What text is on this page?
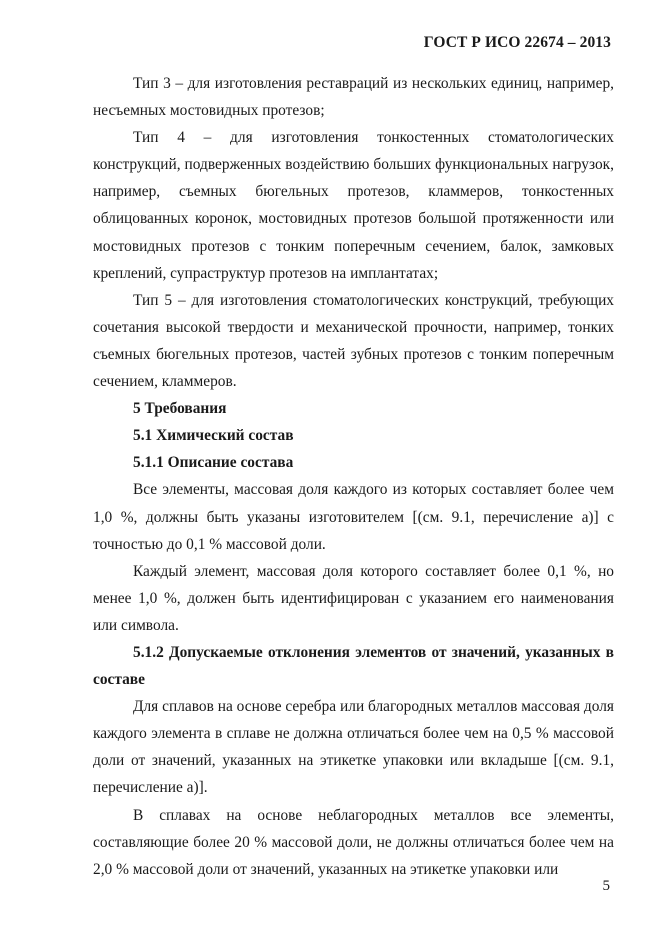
ГОСТ Р ИСО 22674 – 2013

Тип 3 – для изготовления реставраций из нескольких единиц, например, несъемных мостовидных протезов;

Тип 4 – для изготовления тонкостенных стоматологических конструкций, подверженных воздействию больших функциональных нагрузок, например, съемных бюгельных протезов, кламмеров, тонкостенных облицованных коронок, мостовидных протезов большой протяженности или мостовидных протезов с тонким поперечным сечением, балок, замковых креплений, супраструктур протезов на имплантатах;

Тип 5 – для изготовления стоматологических конструкций, требующих сочетания высокой твердости и механической прочности, например, тонких съемных бюгельных протезов, частей зубных протезов с тонким поперечным сечением, кламмеров.

5 Требования

5.1 Химический состав

5.1.1 Описание состава

Все элементы, массовая доля каждого из которых составляет более чем 1,0 %, должны быть указаны изготовителем [(см. 9.1, перечисление а)] с точностью до 0,1 % массовой доли.

Каждый элемент, массовая доля которого составляет более 0,1 %, но менее 1,0 %, должен быть идентифицирован с указанием его наименования или символа.

5.1.2 Допускаемые отклонения элементов от значений, указанных в составе

Для сплавов на основе серебра или благородных металлов массовая доля каждого элемента в сплаве не должна отличаться более чем на 0,5 % массовой доли от значений, указанных на этикетке упаковки или вкладыше [(см. 9.1, перечисление а)].

В сплавах на основе неблагородных металлов все элементы, составляющие более 20 % массовой доли, не должны отличаться более чем на 2,0 % массовой доли от значений, указанных на этикетке упаковки или

5
